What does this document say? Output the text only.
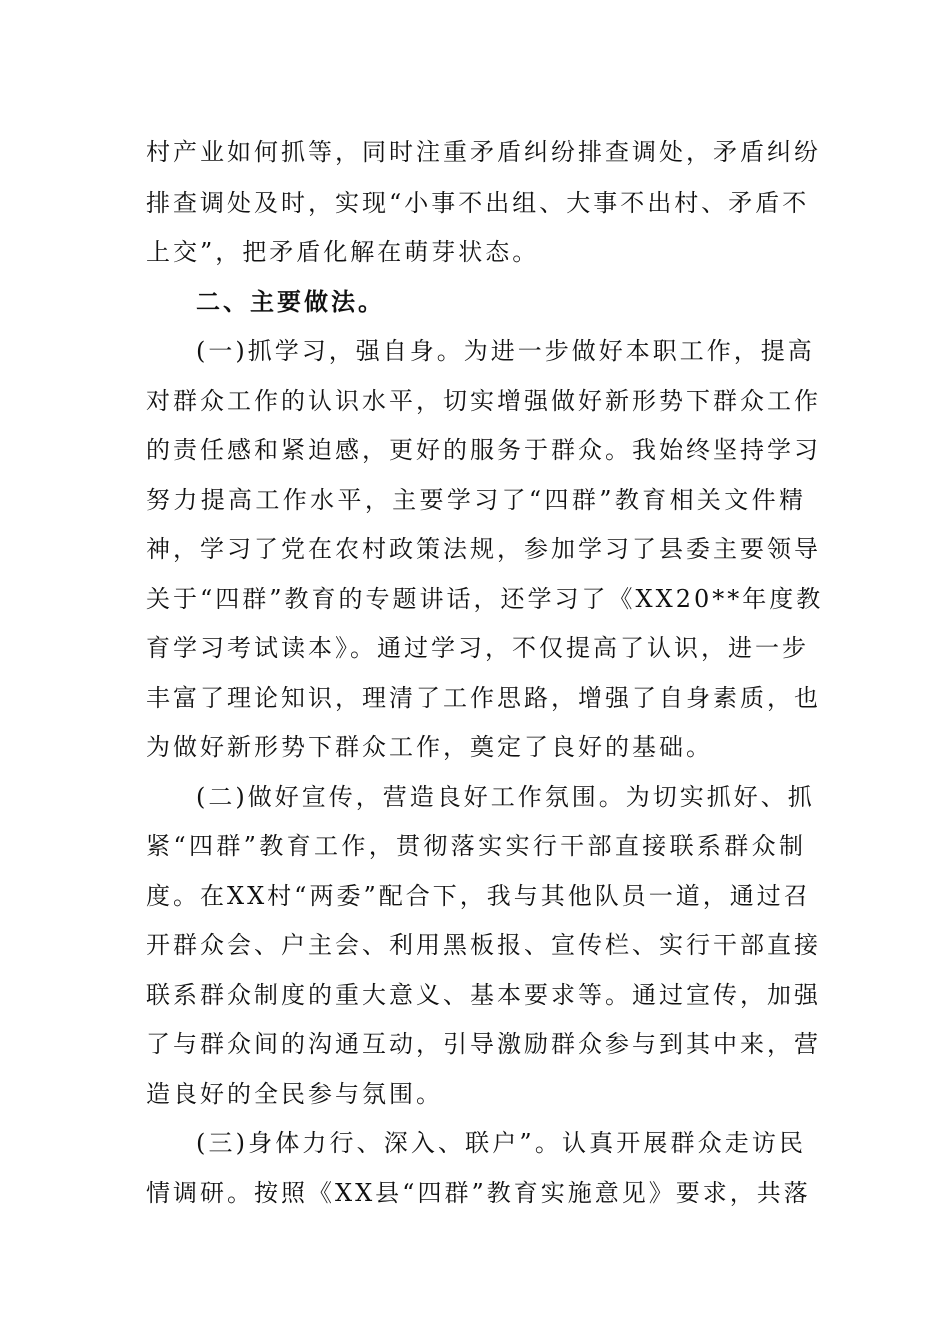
村产业如何抓等，同时注重矛盾纠纷排查调处，矛盾纠纷
排查调处及时，实现“小事不出组、大事不出村、矛盾不
上交”，把矛盾化解在萌芽状态。
二、主要做法。
(一)抓学习，强自身。为进一步做好本职工作，提高
对群众工作的认识水平，切实增强做好新形势下群众工作
的责任感和紧迫感，更好的服务于群众。我始终坚持学习
努力提高工作水平，主要学习了“四群”教育相关文件精
神，学习了党在农村政策法规，参加学习了县委主要领导
关于“四群”教育的专题讲话，还学习了《XX20**年度教
育学习考试读本》。通过学习，不仅提高了认识，进一步
丰富了理论知识，理清了工作思路，增强了自身素质，也
为做好新形势下群众工作，奠定了良好的基础。
(二)做好宣传，营造良好工作氛围。为切实抓好、抓
紧“四群”教育工作，贯彻落实实行干部直接联系群众制
度。在XX村“两委”配合下，我与其他队员一道，通过召
开群众会、户主会、利用黑板报、宣传栏、实行干部直接
联系群众制度的重大意义、基本要求等。通过宣传，加强
了与群众间的沟通互动，引导激励群众参与到其中来，营
造良好的全民参与氛围。
(三)身体力行、深入、联户”。认真开展群众走访民
情调研。按照《XX县“四群”教育实施意见》要求，共落
